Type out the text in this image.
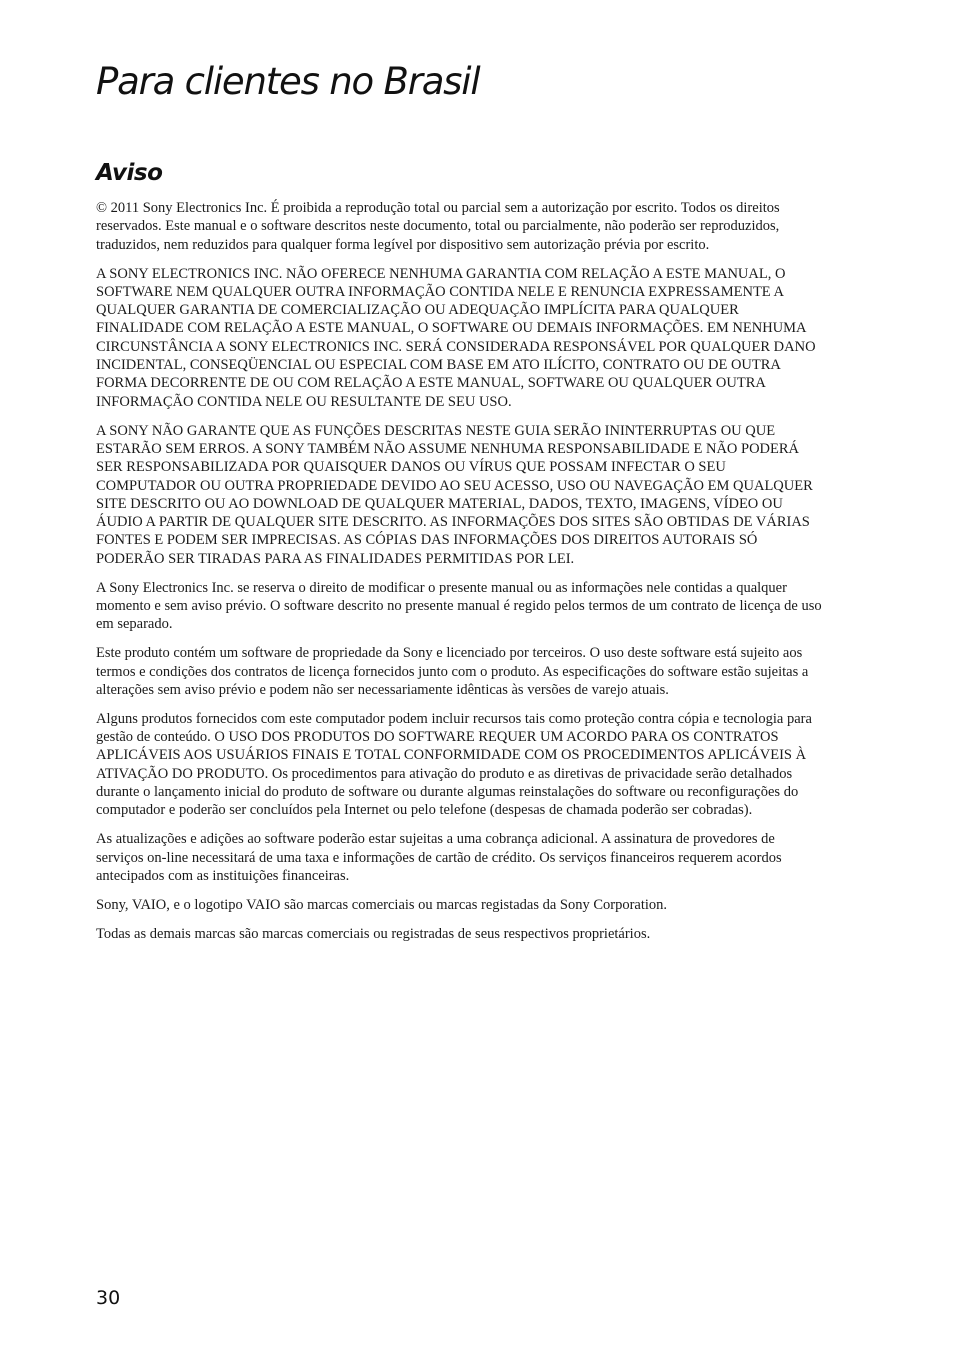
Para clientes no Brasil
Aviso

© 2011 Sony Electronics Inc. É proibida a reprodução total ou parcial sem a autorização por escrito. Todos os direitos reservados. Este manual e o software descritos neste documento, total ou parcialmente, não poderão ser reproduzidos, traduzidos, nem reduzidos para qualquer forma legível por dispositivo sem autorização prévia por escrito.

A SONY ELECTRONICS INC. NÃO OFERECE NENHUMA GARANTIA COM RELAÇÃO A ESTE MANUAL, O SOFTWARE NEM QUALQUER OUTRA INFORMAÇÃO CONTIDA NELE E RENUNCIA EXPRESSAMENTE A QUALQUER GARANTIA DE COMERCIALIZAÇÃO OU ADEQUAÇÃO IMPLÍCITA PARA QUALQUER FINALIDADE COM RELAÇÃO A ESTE MANUAL, O SOFTWARE OU DEMAIS INFORMAÇÕES. EM NENHUMA CIRCUNSTÂNCIA A SONY ELECTRONICS INC. SERÁ CONSIDERADA RESPONSÁVEL POR QUALQUER DANO INCIDENTAL, CONSEQÜENCIAL OU ESPECIAL COM BASE EM ATO ILÍCITO, CONTRATO OU DE OUTRA FORMA DECORRENTE DE OU COM RELAÇÃO A ESTE MANUAL, SOFTWARE OU QUALQUER OUTRA INFORMAÇÃO CONTIDA NELE OU RESULTANTE DE SEU USO.

A SONY NÃO GARANTE QUE AS FUNÇÕES DESCRITAS NESTE GUIA SERÃO ININTERRUPTAS OU QUE ESTARÃO SEM ERROS. A SONY TAMBÉM NÃO ASSUME NENHUMA RESPONSABILIDADE E NÃO PODERÁ SER RESPONSABILIZADA POR QUAISQUER DANOS OU VÍRUS QUE POSSAM INFECTAR O SEU COMPUTADOR OU OUTRA PROPRIEDADE DEVIDO AO SEU ACESSO, USO OU NAVEGAÇÃO EM QUALQUER SITE DESCRITO OU AO DOWNLOAD DE QUALQUER MATERIAL, DADOS, TEXTO, IMAGENS, VÍDEO OU ÁUDIO A PARTIR DE QUALQUER SITE DESCRITO. AS INFORMAÇÕES DOS SITES SÃO OBTIDAS DE VÁRIAS FONTES E PODEM SER IMPRECISAS. AS CÓPIAS DAS INFORMAÇÕES DOS DIREITOS AUTORAIS SÓ PODERÃO SER TIRADAS PARA AS FINALIDADES PERMITIDAS POR LEI.

A Sony Electronics Inc. se reserva o direito de modificar o presente manual ou as informações nele contidas a qualquer momento e sem aviso prévio. O software descrito no presente manual é regido pelos termos de um contrato de licença de uso em separado.

Este produto contém um software de propriedade da Sony e licenciado por terceiros. O uso deste software está sujeito aos termos e condições dos contratos de licença fornecidos junto com o produto. As especificações do software estão sujeitas a alterações sem aviso prévio e podem não ser necessariamente idênticas às versões de varejo atuais.

Alguns produtos fornecidos com este computador podem incluir recursos tais como proteção contra cópia e tecnologia para gestão de conteúdo. O USO DOS PRODUTOS DO SOFTWARE REQUER UM ACORDO PARA OS CONTRATOS APLICÁVEIS AOS USUÁRIOS FINAIS E TOTAL CONFORMIDADE COM OS PROCEDIMENTOS APLICÁVEIS À ATIVAÇÃO DO PRODUTO. Os procedimentos para ativação do produto e as diretivas de privacidade serão detalhados durante o lançamento inicial do produto de software ou durante algumas reinstalações do software ou reconfigurações do computador e poderão ser concluídos pela Internet ou pelo telefone (despesas de chamada poderão ser cobradas).

As atualizações e adições ao software poderão estar sujeitas a uma cobrança adicional. A assinatura de provedores de serviços on-line necessitará de uma taxa e informações de cartão de crédito. Os serviços financeiros requerem acordos antecipados com as instituições financeiras.

Sony, VAIO, e o logotipo VAIO são marcas comerciais ou marcas registadas da Sony Corporation.

Todas as demais marcas são marcas comerciais ou registradas de seus respectivos proprietários.

30
